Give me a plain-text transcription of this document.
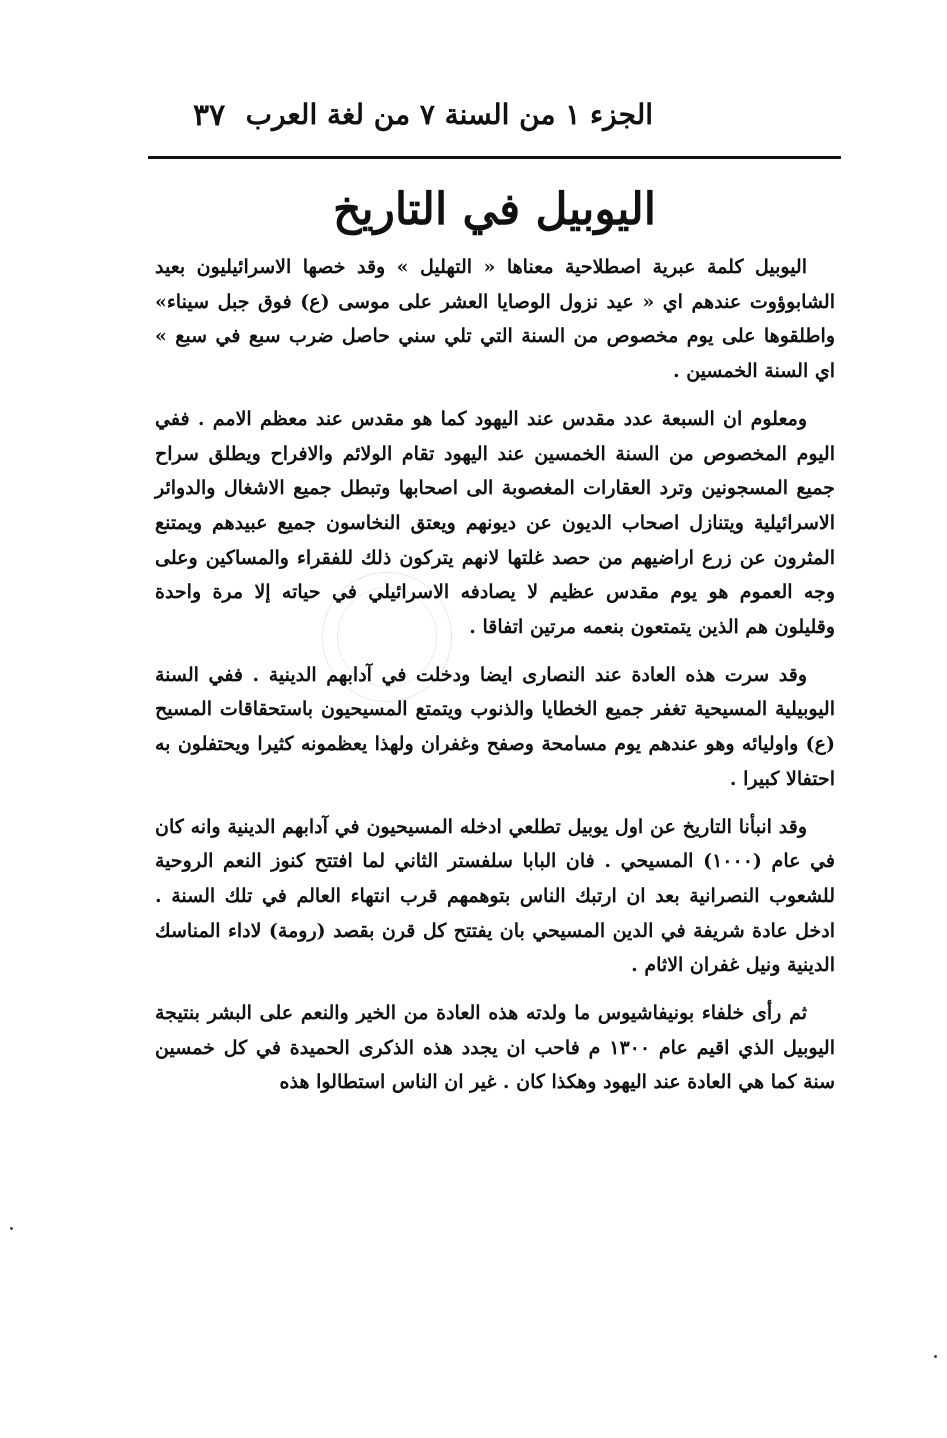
الجزء ١ من السنة ٧ من لغة العرب
٣٧
اليوبيل في التاريخ

اليوبيل كلمة عبرية اصطلاحية معناها « التهليل » وقد خصها الاسرائيليون بعيد الشابوؤوت عندهم اي « عيد نزول الوصايا العشر على موسى (ع) فوق جبل سيناء» واطلقوها على يوم مخصوص من السنة التي تلي سني حاصل ضرب سبع في سبع » اي السنة الخمسين .

ومعلوم ان السبعة عدد مقدس عند اليهود كما هو مقدس عند معظم الامم . ففي اليوم المخصوص من السنة الخمسين عند اليهود تقام الولائم والافراح ويطلق سراح جميع المسجونين وترد العقارات المغصوبة الى اصحابها وتبطل جميع الاشغال والدوائر الاسرائيلية ويتنازل اصحاب الديون عن ديونهم ويعتق النخاسون جميع عبيدهم ويمتنع المثرون عن زرع اراضيهم من حصد غلتها لانهم يتركون ذلك للفقراء والمساكين وعلى وجه العموم هو يوم مقدس عظيم لا يصادفه الاسرائيلي في حياته إلا مرة واحدة وقليلون هم الذين يتمتعون بنعمه مرتين اتفاقا .

وقد سرت هذه العادة عند النصارى ايضا ودخلت في آدابهم الدينية . ففي السنة اليوبيلية المسيحية تغفر جميع الخطايا والذنوب ويتمتع المسيحيون باستحقاقات المسيح (ع) واوليائه وهو عندهم يوم مسامحة وصفح وغفران ولهذا يعظمونه كثيرا ويحتفلون به احتفالا كبيرا .

وقد انبأنا التاريخ عن اول يوبيل تطلعي ادخله المسيحيون في آدابهم الدينية وانه كان في عام (١٠٠٠) المسيحي . فان البابا سلفستر الثاني لما افتتح كنوز النعم الروحية للشعوب النصرانية بعد ان ارتبك الناس بتوهمهم قرب انتهاء العالم في تلك السنة . ادخل عادة شريفة في الدين المسيحي بان يفتتح كل قرن بقصد (رومة) لاداء المناسك الدينية ونيل غفران الاثام .

ثم رأى خلفاء بونيفاشيوس ما ولدته هذه العادة من الخير والنعم على البشر بنتيجة اليوبيل الذي اقيم عام ١٣٠٠ م فاحب ان يجدد هذه الذكرى الحميدة في كل خمسين سنة كما هي العادة عند اليهود وهكذا كان . غير ان الناس استطالوا هذه
